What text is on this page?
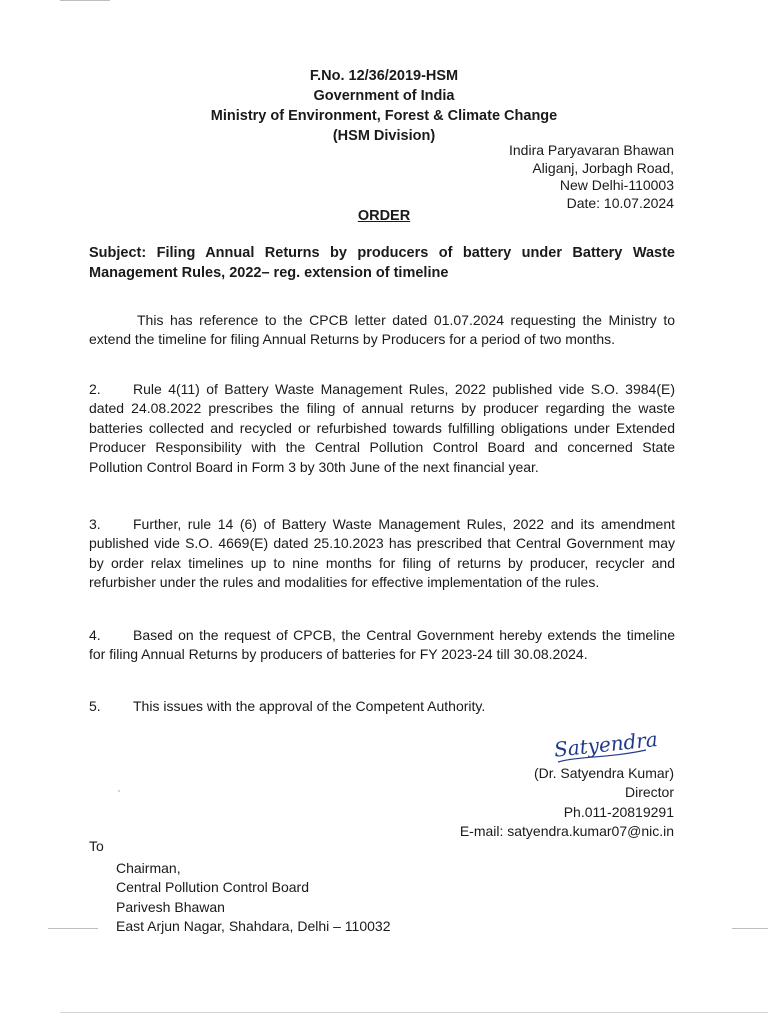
F.No. 12/36/2019-HSM
Government of India
Ministry of Environment, Forest & Climate Change
(HSM Division)
Indira Paryavaran Bhawan
Aliganj, Jorbagh Road,
New Delhi-110003
Date: 10.07.2024
ORDER
Subject: Filing Annual Returns by producers of battery under Battery Waste Management Rules, 2022– reg. extension of timeline

This has reference to the CPCB letter dated 01.07.2024 requesting the Ministry to extend the timeline for filing Annual Returns by Producers for a period of two months.

2. Rule 4(11) of Battery Waste Management Rules, 2022 published vide S.O. 3984(E) dated 24.08.2022 prescribes the filing of annual returns by producer regarding the waste batteries collected and recycled or refurbished towards fulfilling obligations under Extended Producer Responsibility with the Central Pollution Control Board and concerned State Pollution Control Board in Form 3 by 30th June of the next financial year.

3. Further, rule 14 (6) of Battery Waste Management Rules, 2022 and its amendment published vide S.O. 4669(E) dated 25.10.2023 has prescribed that Central Government may by order relax timelines up to nine months for filing of returns by producer, recycler and refurbisher under the rules and modalities for effective implementation of the rules.

4. Based on the request of CPCB, the Central Government hereby extends the timeline for filing Annual Returns by producers of batteries for FY 2023-24 till 30.08.2024.

5. This issues with the approval of the Competent Authority.

Satyendra
(Dr. Satyendra Kumar)
Director
Ph.011-20819291
E-mail: satyendra.kumar07@nic.in
To
Chairman,
Central Pollution Control Board
Parivesh Bhawan
East Arjun Nagar, Shahdara, Delhi – 110032
